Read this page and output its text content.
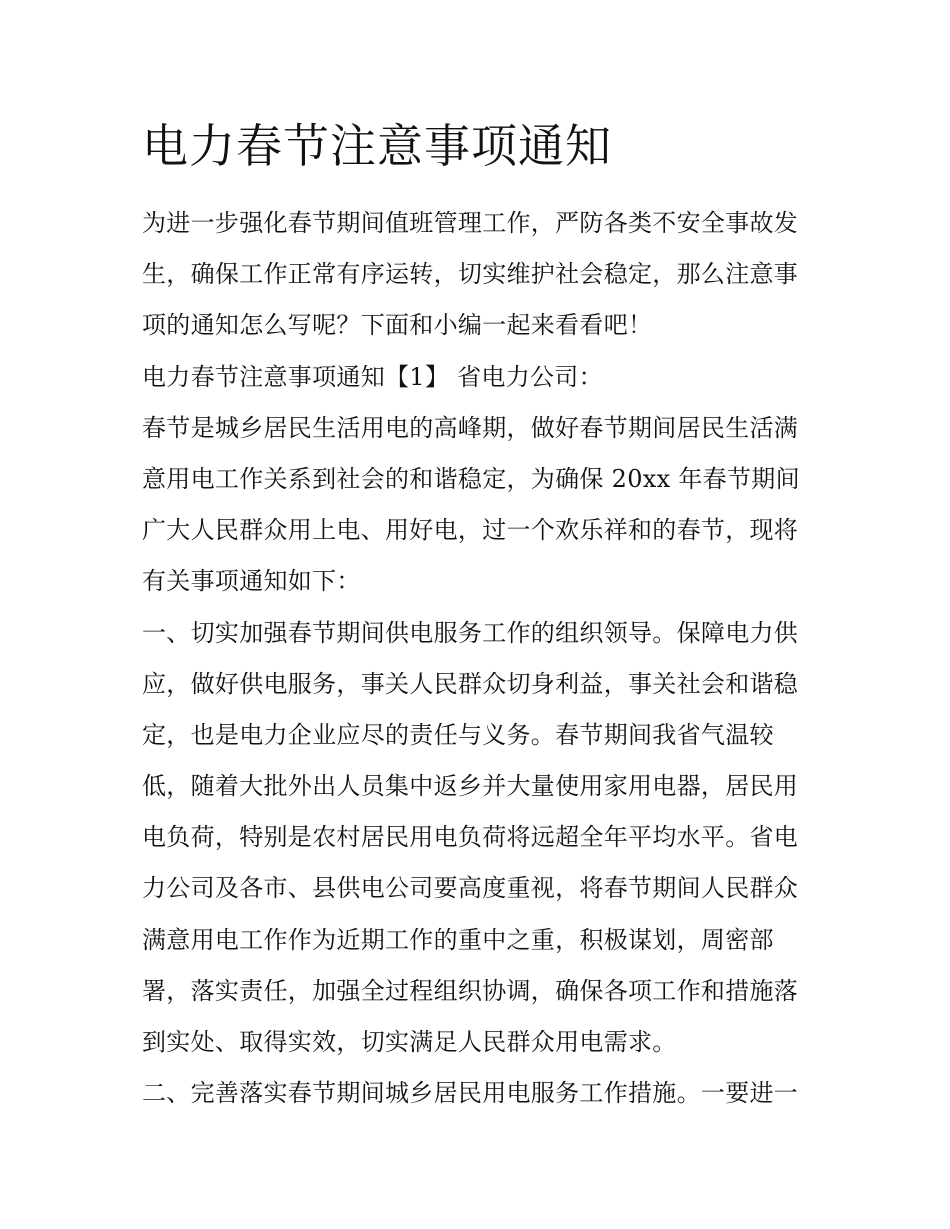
电力春节注意事项通知
为进一步强化春节期间值班管理工作，严防各类不安全事故发
生，确保工作正常有序运转，切实维护社会稳定，那么注意事
项的通知怎么写呢？下面和小编一起来看看吧！
电力春节注意事项通知【1】 省电力公司：
春节是城乡居民生活用电的高峰期，做好春节期间居民生活满
意用电工作关系到社会的和谐稳定，为确保 20xx 年春节期间
广大人民群众用上电、用好电，过一个欢乐祥和的春节，现将
有关事项通知如下：
一、切实加强春节期间供电服务工作的组织领导。保障电力供
应，做好供电服务，事关人民群众切身利益，事关社会和谐稳
定，也是电力企业应尽的责任与义务。春节期间我省气温较
低，随着大批外出人员集中返乡并大量使用家用电器，居民用
电负荷，特别是农村居民用电负荷将远超全年平均水平。省电
力公司及各市、县供电公司要高度重视，将春节期间人民群众
满意用电工作作为近期工作的重中之重，积极谋划，周密部
署，落实责任，加强全过程组织协调，确保各项工作和措施落
到实处、取得实效，切实满足人民群众用电需求。
二、完善落实春节期间城乡居民用电服务工作措施。一要进一
